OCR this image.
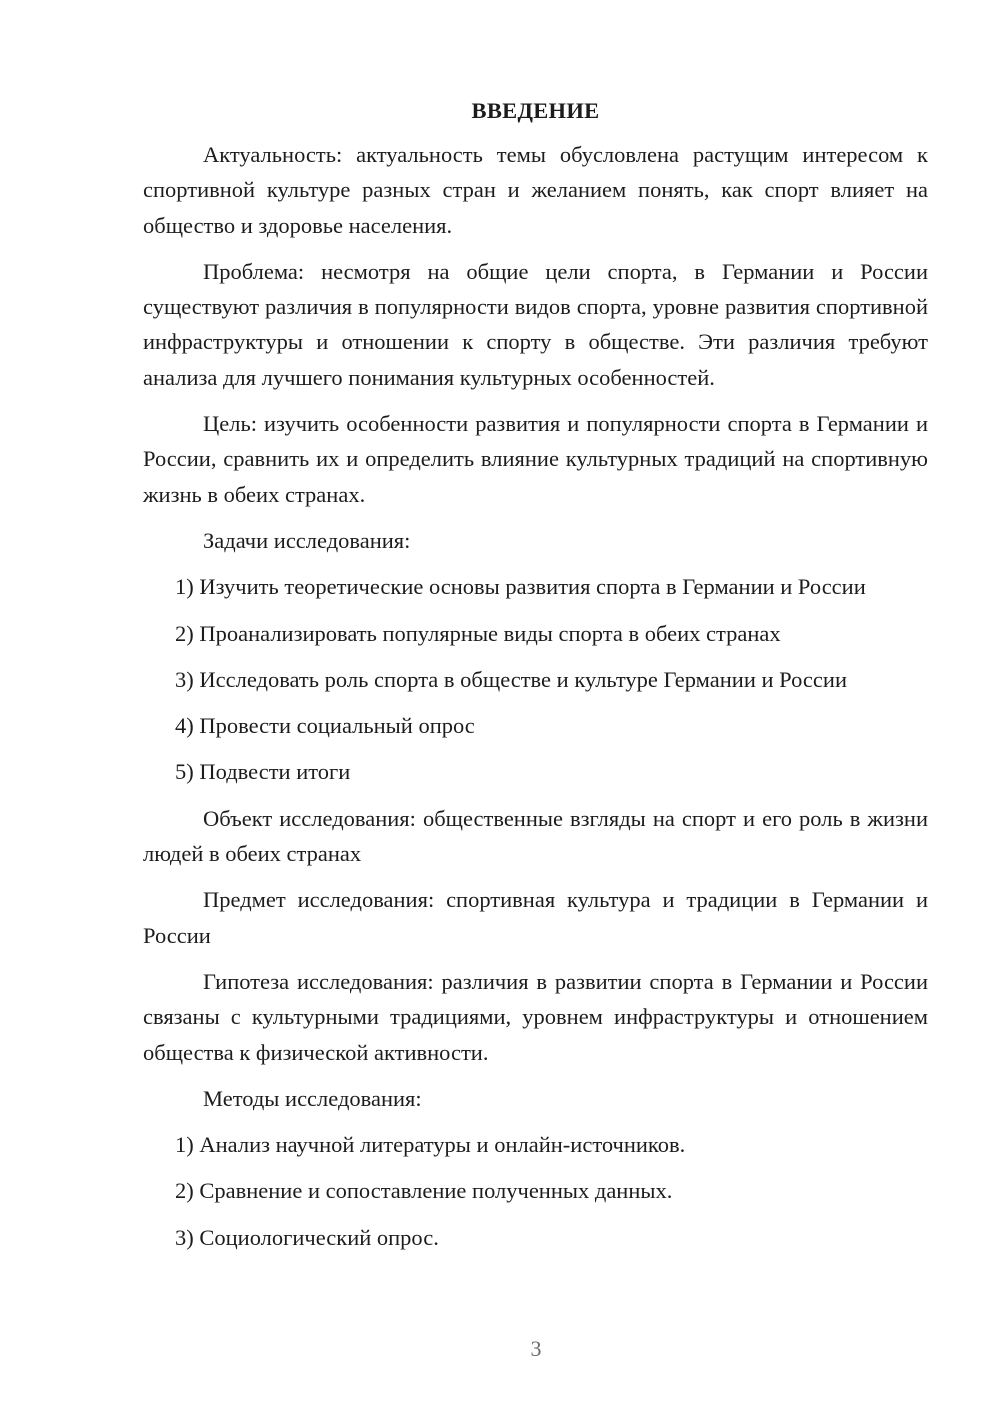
ВВЕДЕНИЕ

Актуальность: актуальность темы обусловлена растущим интересом к спортивной культуре разных стран и желанием понять, как спорт влияет на общество и здоровье населения.

Проблема: несмотря на общие цели спорта, в Германии и России существуют различия в популярности видов спорта, уровне развития спортивной инфраструктуры и отношении к спорту в обществе. Эти различия требуют анализа для лучшего понимания культурных особенностей.

Цель: изучить особенности развития и популярности спорта в Германии и России, сравнить их и определить влияние культурных традиций на спортивную жизнь в обеих странах.

Задачи исследования:

1) Изучить теоретические основы развития спорта в Германии и России

2) Проанализировать популярные виды спорта в обеих странах

3) Исследовать роль спорта в обществе и культуре Германии и России

4) Провести социальный опрос

5) Подвести итоги

Объект исследования: общественные взгляды на спорт и его роль в жизни людей в обеих странах

Предмет исследования: спортивная культура и традиции в Германии и России

Гипотеза исследования: различия в развитии спорта в Германии и России связаны с культурными традициями, уровнем инфраструктуры и отношением общества к физической активности.

Методы исследования:

1) Анализ научной литературы и онлайн-источников.

2) Сравнение и сопоставление полученных данных.

3) Социологический опрос.

3
